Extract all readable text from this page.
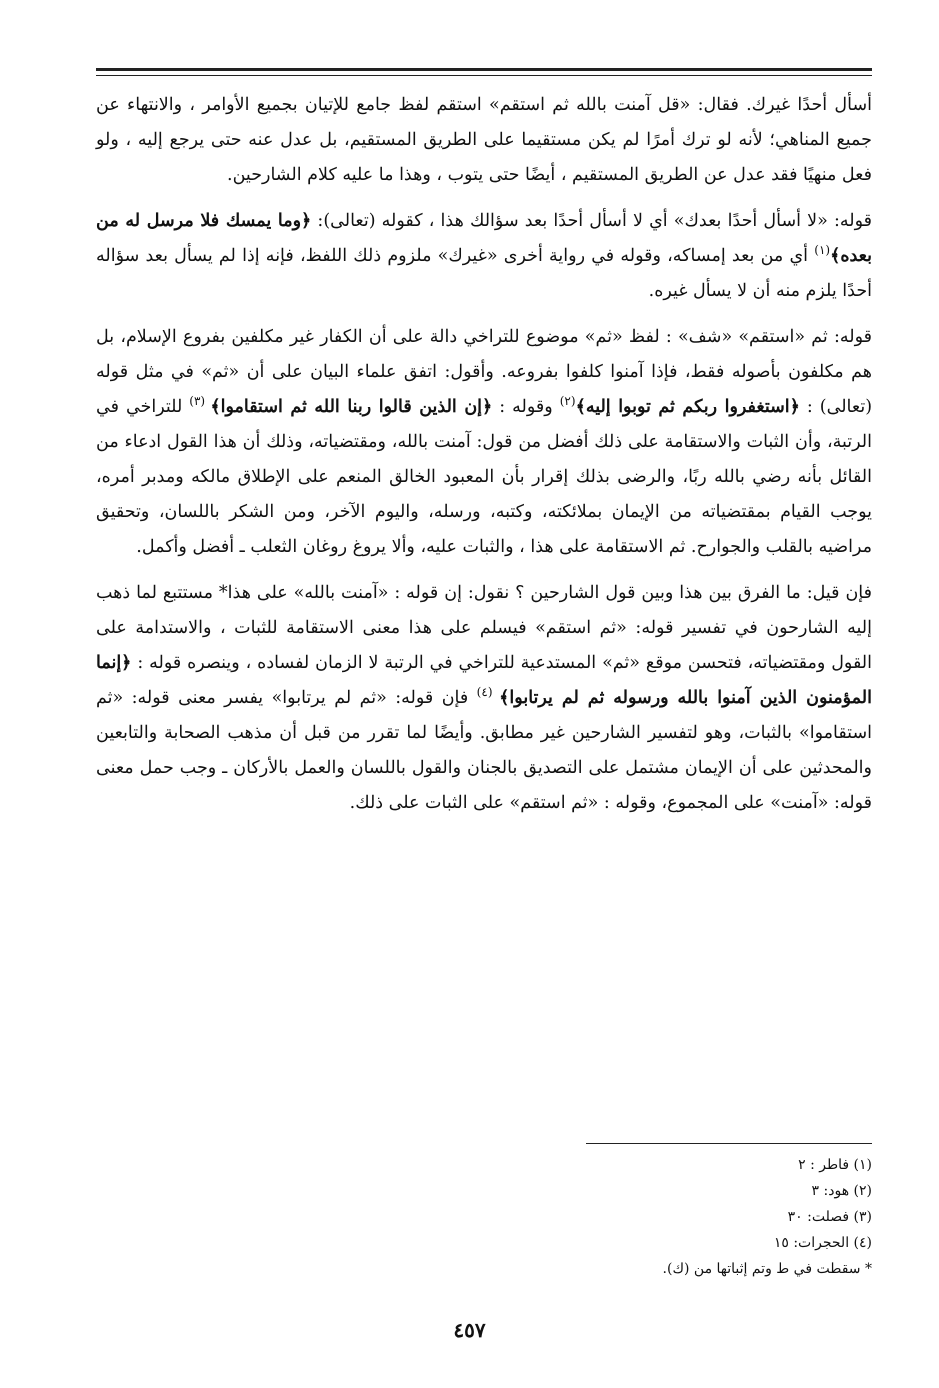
أسأل أحدًا غيرك. فقال: «قل آمنت بالله ثم استقم» استقم لفظ جامع للإتيان بجميع الأوامر ، والانتهاء عن جميع المناهي؛ لأنه لو ترك أمرًا لم يكن مستقيما على الطريق المستقيم، بل عدل عنه حتى يرجع إليه ، ولو فعل منهيًا فقد عدل عن الطريق المستقيم ، أيضًا حتى يتوب ، وهذا ما عليه كلام الشارحين.

قوله: «لا أسأل أحدًا بعدك» أي لا أسأل أحدًا بعد سؤالك هذا ، كقوله (تعالى): ﴿وما يمسك فلا مرسل له من بعده﴾$^{(١)}$ أي من بعد إمساكه، وقوله في رواية أخرى «غيرك» ملزوم ذلك اللفظ، فإنه إذا لم يسأل بعد سؤاله أحدًا يلزم منه أن لا يسأل غيره.

قوله: ثم «استقم» «شف» : لفظ «ثم» موضوع للتراخي دالة على أن الكفار غير مكلفين بفروع الإسلام، بل هم مكلفون بأصوله فقط، فإذا آمنوا كلفوا بفروعه. وأقول: اتفق علماء البيان على أن «ثم» في مثل قوله (تعالى) : ﴿استغفروا ربكم ثم توبوا إليه﴾$^{(٢)}$ وقوله : ﴿إن الذين قالوا ربنا الله ثم استقاموا﴾ $^{(٣)}$ للتراخي في الرتبة، وأن الثبات والاستقامة على ذلك أفضل من قول: آمنت بالله، ومقتضياته، وذلك أن هذا القول ادعاء من القائل بأنه رضي بالله ربًا، والرضى بذلك إقرار بأن المعبود الخالق المنعم على الإطلاق مالكه ومدبر أمره، يوجب القيام بمقتضياته من الإيمان بملائكته، وكتبه، ورسله، واليوم الآخر، ومن الشكر باللسان، وتحقيق مراضيه بالقلب والجوارح. ثم الاستقامة على هذا ، والثبات عليه، وألا يروغ روغان الثعلب ـ أفضل وأكمل.

فإن قيل: ما الفرق بين هذا وبين قول الشارحين ؟ نقول: إن قوله : «آمنت بالله» على هذا* مستتبع لما ذهب إليه الشارحون في تفسير قوله: «ثم استقم» فيسلم على هذا معنى الاستقامة للثبات ، والاستدامة على القول ومقتضياته، فتحسن موقع «ثم» المستدعية للتراخي في الرتبة لا الزمان لفساده ، وينصره قوله : ﴿إنما المؤمنون الذين آمنوا بالله ورسوله ثم لم يرتابوا﴾ $^{(٤)}$ فإن قوله: «ثم لم يرتابوا» يفسر معنى قوله: «ثم استقاموا» بالثبات، وهو لتفسير الشارحين غير مطابق. وأيضًا لما تقرر من قبل أن مذهب الصحابة والتابعين والمحدثين على أن الإيمان مشتمل على التصديق بالجنان والقول باللسان والعمل بالأركان ـ وجب حمل معنى قوله: «آمنت» على المجموع، وقوله : «ثم استقم» على الثبات على ذلك.

(١) فاطر : ٢

(٢) هود: ٣

(٣) فصلت: ٣٠

(٤) الحجرات: ١٥

* سقطت في ط وتم إثباتها من (ك).

٤٥٧
